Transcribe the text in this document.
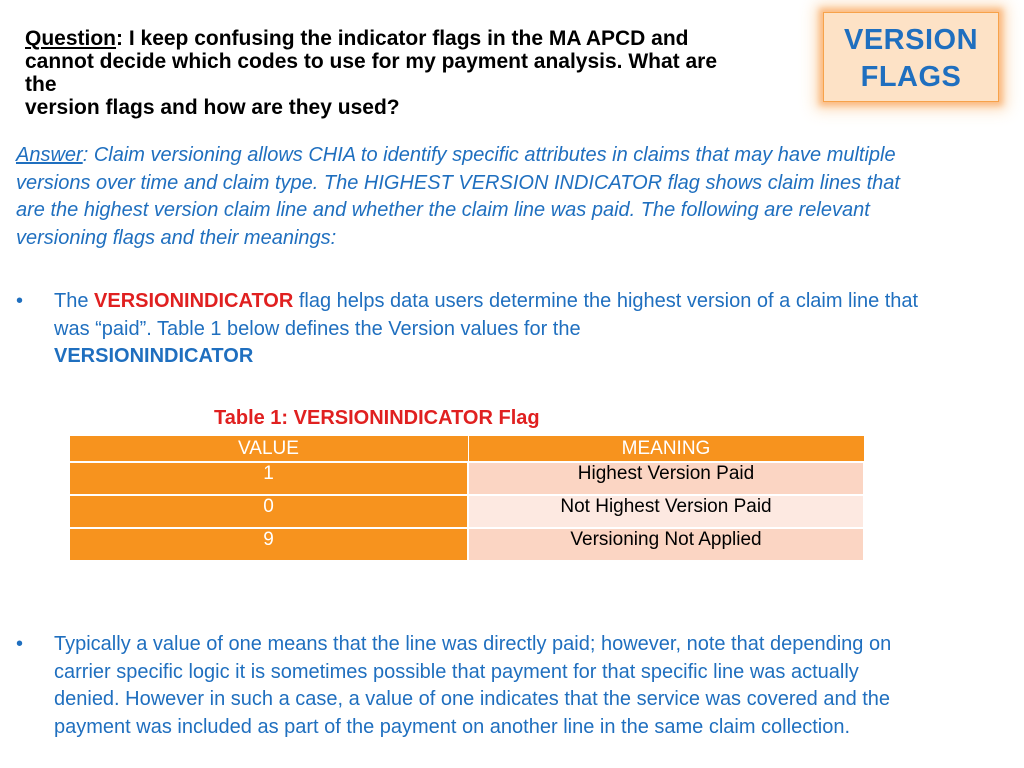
Question: I keep confusing the indicator flags in the MA APCD and
cannot decide which codes to use for my payment analysis. What are
the
version flags and how are they used?
VERSION
FLAGS
Answer: Claim versioning allows CHIA to identify specific attributes in claims that may have multiple versions over time and claim type. The HIGHEST VERSION INDICATOR flag shows claim lines that are the highest version claim line and whether the claim line was paid. The following are relevant versioning flags and their meanings:
• The VERSIONINDICATOR flag helps data users determine the highest version of a claim line that was “paid”. Table 1 below defines the Version values for the
VERSIONINDICATOR
Table 1: VERSIONINDICATOR Flag
VALUE	MEANING
1	Highest Version Paid
0	Not Highest Version Paid
9	Versioning Not Applied
• Typically a value of one means that the line was directly paid; however, note that depending on carrier specific logic it is sometimes possible that payment for that specific line was actually denied. However in such a case, a value of one indicates that the service was covered and the payment was included as part of the payment on another line in the same claim collection.
